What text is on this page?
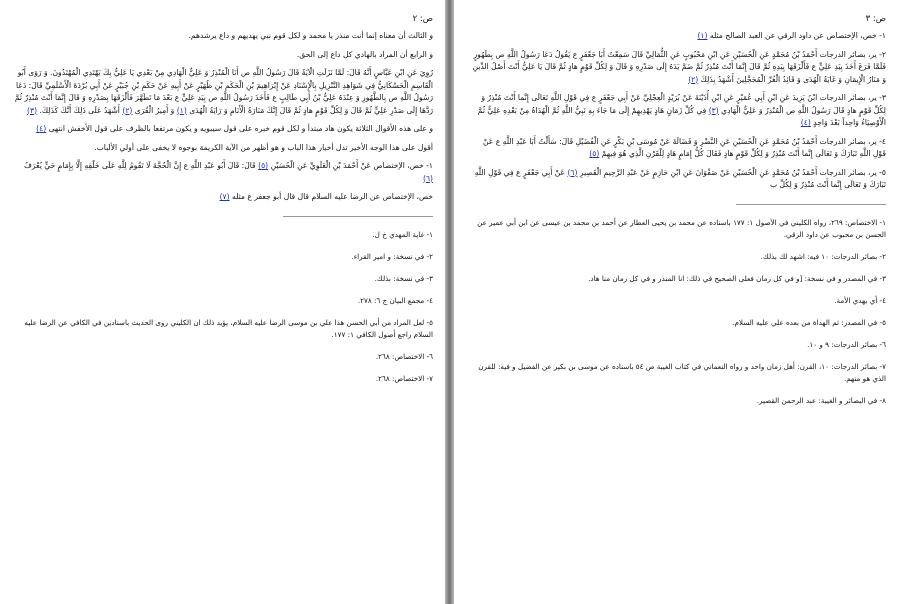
ص: ٢

و الثالث أن معناه إنما أنت منذر يا محمد و لكل قوم نبي يهديهم و داع يرشدهم.

و الرابع أن المراد بالهادي كل داع إلى الحق.

رُوِيَ عَنِ ابْنِ عَبَّاسٍ أَنَّهُ قَالَ: لَمَّا نَزَلَتِ الْآيَةُ قَالَ رَسُولُ اللَّهِ ص أَنَا الْمُنْذِرُ وَ عَلِيٌّ الْهَادِي مِنْ بَعْدِي يَا عَلِيُّ بِكَ يَهْتَدِي الْمُهْتَدُونَ. وَ رَوَى أَبُو الْقَاسِمِ الْحَسْكَانِيُّ فِي شَوَاهِدِ التَّنْزِيلِ بِالْإِسْنَادِ عَنْ إِبْرَاهِيمَ بْنِ الْحَكَمِ بْنِ ظُهَيْرٍ عَنْ أَبِيهِ عَنْ حَكَمِ بْنِ جُبَيْرٍ عَنْ أَبِي بُرْدَةَ الْأَسْلَمِيِّ قَالَ: دَعَا رَسُولُ اللَّهِ ص بِالطَّهُورِ وَ عِنْدَهُ عَلِيُّ بْنُ أَبِي طَالِبٍ ع فَأَخَذَ رَسُولُ اللَّهِ ص بِيَدِ عَلِيٍّ ع بَعْدَ مَا تَطَهَّرَ فَأَلْزَقَهَا بِصَدْرِهِ وَ قَالَ إِنَّمَا أَنْتَ مُنْذِرٌ ثُمَّ رَدَّهَا إِلَى صَدْرِ عَلِيٍّ ثُمَّ قَالَ وَ لِكُلِّ قَوْمٍ هادٍ ثُمَّ قَالَ إِنَّكَ مَنَارَةُ الْأَنَامِ وَ رَايَةُ الْهُدَى (١) وَ أَمِيرُ الْقُرَى (٢) أَشْهَدُ عَلَى ذَلِكَ أَنَّكَ كَذَلِكَ. (٣)

و على هذه الأقوال الثلاثة يكون هاد مبتدأ و لكل قوم خبره على قول سيبويه و يكون مرتفعا بالظرف على قول الأخفش انتهى (٤)

أقول على هذا الوجه الأخير تدل أخبار هذا الباب و هو أظهر من الآية الكريمة بوجوه لا يخفى على أولي الألباب.

١- خص، الإختصاص عَنْ أَحْمَدَ بْنِ الْعَلَوِيِّ عَنِ الْحُسَيْنِ (٥) قَالَ: قَالَ أَبُو عَبْدِ اللَّهِ ع إِنَّ الْحُجَّةَ لَا تَقُومُ لِلَّهِ عَلَى خَلْقِهِ إِلَّا بِإِمَامٍ حَيٍّ يُعْرَفُ (٦)

خص، الإختصاص عن الرضا عليه السلام قال قال أبو جعفر ع مثله (٧)

١- غاية المهدي خ ل.

٢- في نسخة: و امير القراء.

٣- في نسخة: بذلك.

٤- مجمع البيان ج ٦: ٢٧٨.

٥- لعل المراد من أبي الحسن هذا علي بن موسى الرضا عليه السلام، يؤيد ذلك ان الكليني روى الحديث باسنادين في الكافي عن الرضا عليه السلام راجع أصول الكافي ١: ١٧٧.

٦- الاختصاص: ٢٦٨.

٧- الاختصاص: ٢٦٨.

ص: ٣

١- خص، الإختصاص عن داود الرقي عن العبد الصالح مثله (١)

٢- ير، بصائر الدرجات أَحْمَدُ بْنُ مُحَمَّدٍ عَنِ الْحُسَيْنِ عَنِ ابْنِ مَحْبُوبٍ عَنِ الثُّمَالِيِّ قَالَ سَمِعْتُ أَبَا جَعْفَرٍ ع يَقُولُ دَعَا رَسُولُ اللَّهِ ص بِطَهُورٍ فَلَمَّا فَرَغَ أَخَذَ بِيَدِ عَلِيٍّ ع فَأَلْزَقَهَا بِيَدِهِ ثُمَّ قَالَ إِنَّمَا أَنْتَ مُنْذِرٌ ثُمَّ ضَمَّ يَدَهُ إِلَى صَدْرِهِ وَ قَالَ وَ لِكُلِّ قَوْمٍ هادٍ ثُمَّ قَالَ يَا عَلِيُّ أَنْتَ أَصْلُ الدِّينِ وَ مَنَارُ الْإِيمَانِ وَ غَايَةُ الْهُدَى وَ قَائِدُ الْغُرِّ الْمُحَجَّلِينَ أَشْهَدُ بِذَلِكَ (٢)

٣- ير، بصائر الدرجات ابْنُ يَزِيدَ عَنِ ابْنِ أَبِي عُمَيْرٍ عَنِ ابْنِ أُذَيْنَةَ عَنْ بُرَيْدٍ الْعِجْلِيِّ عَنْ أَبِي جَعْفَرٍ ع فِي قَوْلِ اللَّهِ تَعَالَى إِنَّما أَنْتَ مُنْذِرٌ وَ لِكُلِّ قَوْمٍ هادٍ قَالَ رَسُولُ اللَّهِ ص الْمُنْذِرُ وَ عَلِيٌّ الْهَادِي (٣) فِي كُلِّ زَمَانٍ هَادٍ يَهْدِيهِمْ إِلَى مَا جَاءَ بِهِ نَبِيُّ اللَّهِ ثُمَّ الْهُدَاةُ مِنْ بَعْدِهِ عَلِيٌّ ثُمَّ الْأَوْصِيَاءُ وَاحِداً بَعْدَ وَاحِدٍ (٤)

٤- ير، بصائر الدرجات أَحْمَدُ بْنُ مُحَمَّدٍ عَنِ الْحُسَيْنِ عَنِ النَّضْرِ وَ فَضَالَةَ عَنْ مُوسَى بْنِ بَكْرٍ عَنِ الْفُضَيْلِ قَالَ: سَأَلْتُ أَبَا عَبْدِ اللَّهِ ع عَنْ قَوْلِ اللَّهِ تَبَارَكَ وَ تَعَالَى إِنَّما أَنْتَ مُنْذِرٌ وَ لِكُلِّ قَوْمٍ هادٍ فَقَالَ كُلُّ إِمَامٍ هَادٍ لِلْقَرْنِ الَّذِي هُوَ فِيهِمْ (٥)

٥- ير، بصائر الدرجات أَحْمَدُ بْنُ مُحَمَّدٍ عَنِ الْحُسَيْنِ عَنْ صَفْوَانَ عَنِ ابْنِ حَازِمٍ عَنْ عَبْدِ الرَّحِيمِ الْقَصِيرِ (٦) عَنْ أَبِي جَعْفَرٍ ع فِي قَوْلِ اللَّهِ تَبَارَكَ وَ تَعَالَى إِنَّما أَنْتَ مُنْذِرٌ وَ لِكُلِّ ب

١- الاختصاص: ٢٦٩، رواه الكليني في الأصول ١: ١٧٧ باسناده عن محمد بن يحيى العطار عن أحمد بن محمد بن عيسى عن ابن أبي عمير عن الحسن بن محبوب عن داود الرقي.

٢- بصائر الدرجات: ١٠ فيه: اشهد لك بذلك.

٣- في المصدر و في نسخة: [و في كل زمان فعلى الصحيح في ذلك: انا المنذر و في كل زمان منا هاد.

٤- أي يهدي الأمة.

٥- في المصدر: ثم الهداة من بعده علي عليه السلام.

٦- بصائر الدرجات: ٩ و ١٠.

٧- بصائر الدرجات: ١٠، القرن: أهل زمان واحد و رواه النعماني في كتاب الغيبة ص ٥٤ باسناده عن موسى بن بكير عن الفضيل و فيه: للقرن الذي هو منهم.

٨- في البصائر و الغيبة: عبد الرحمن القصير.
